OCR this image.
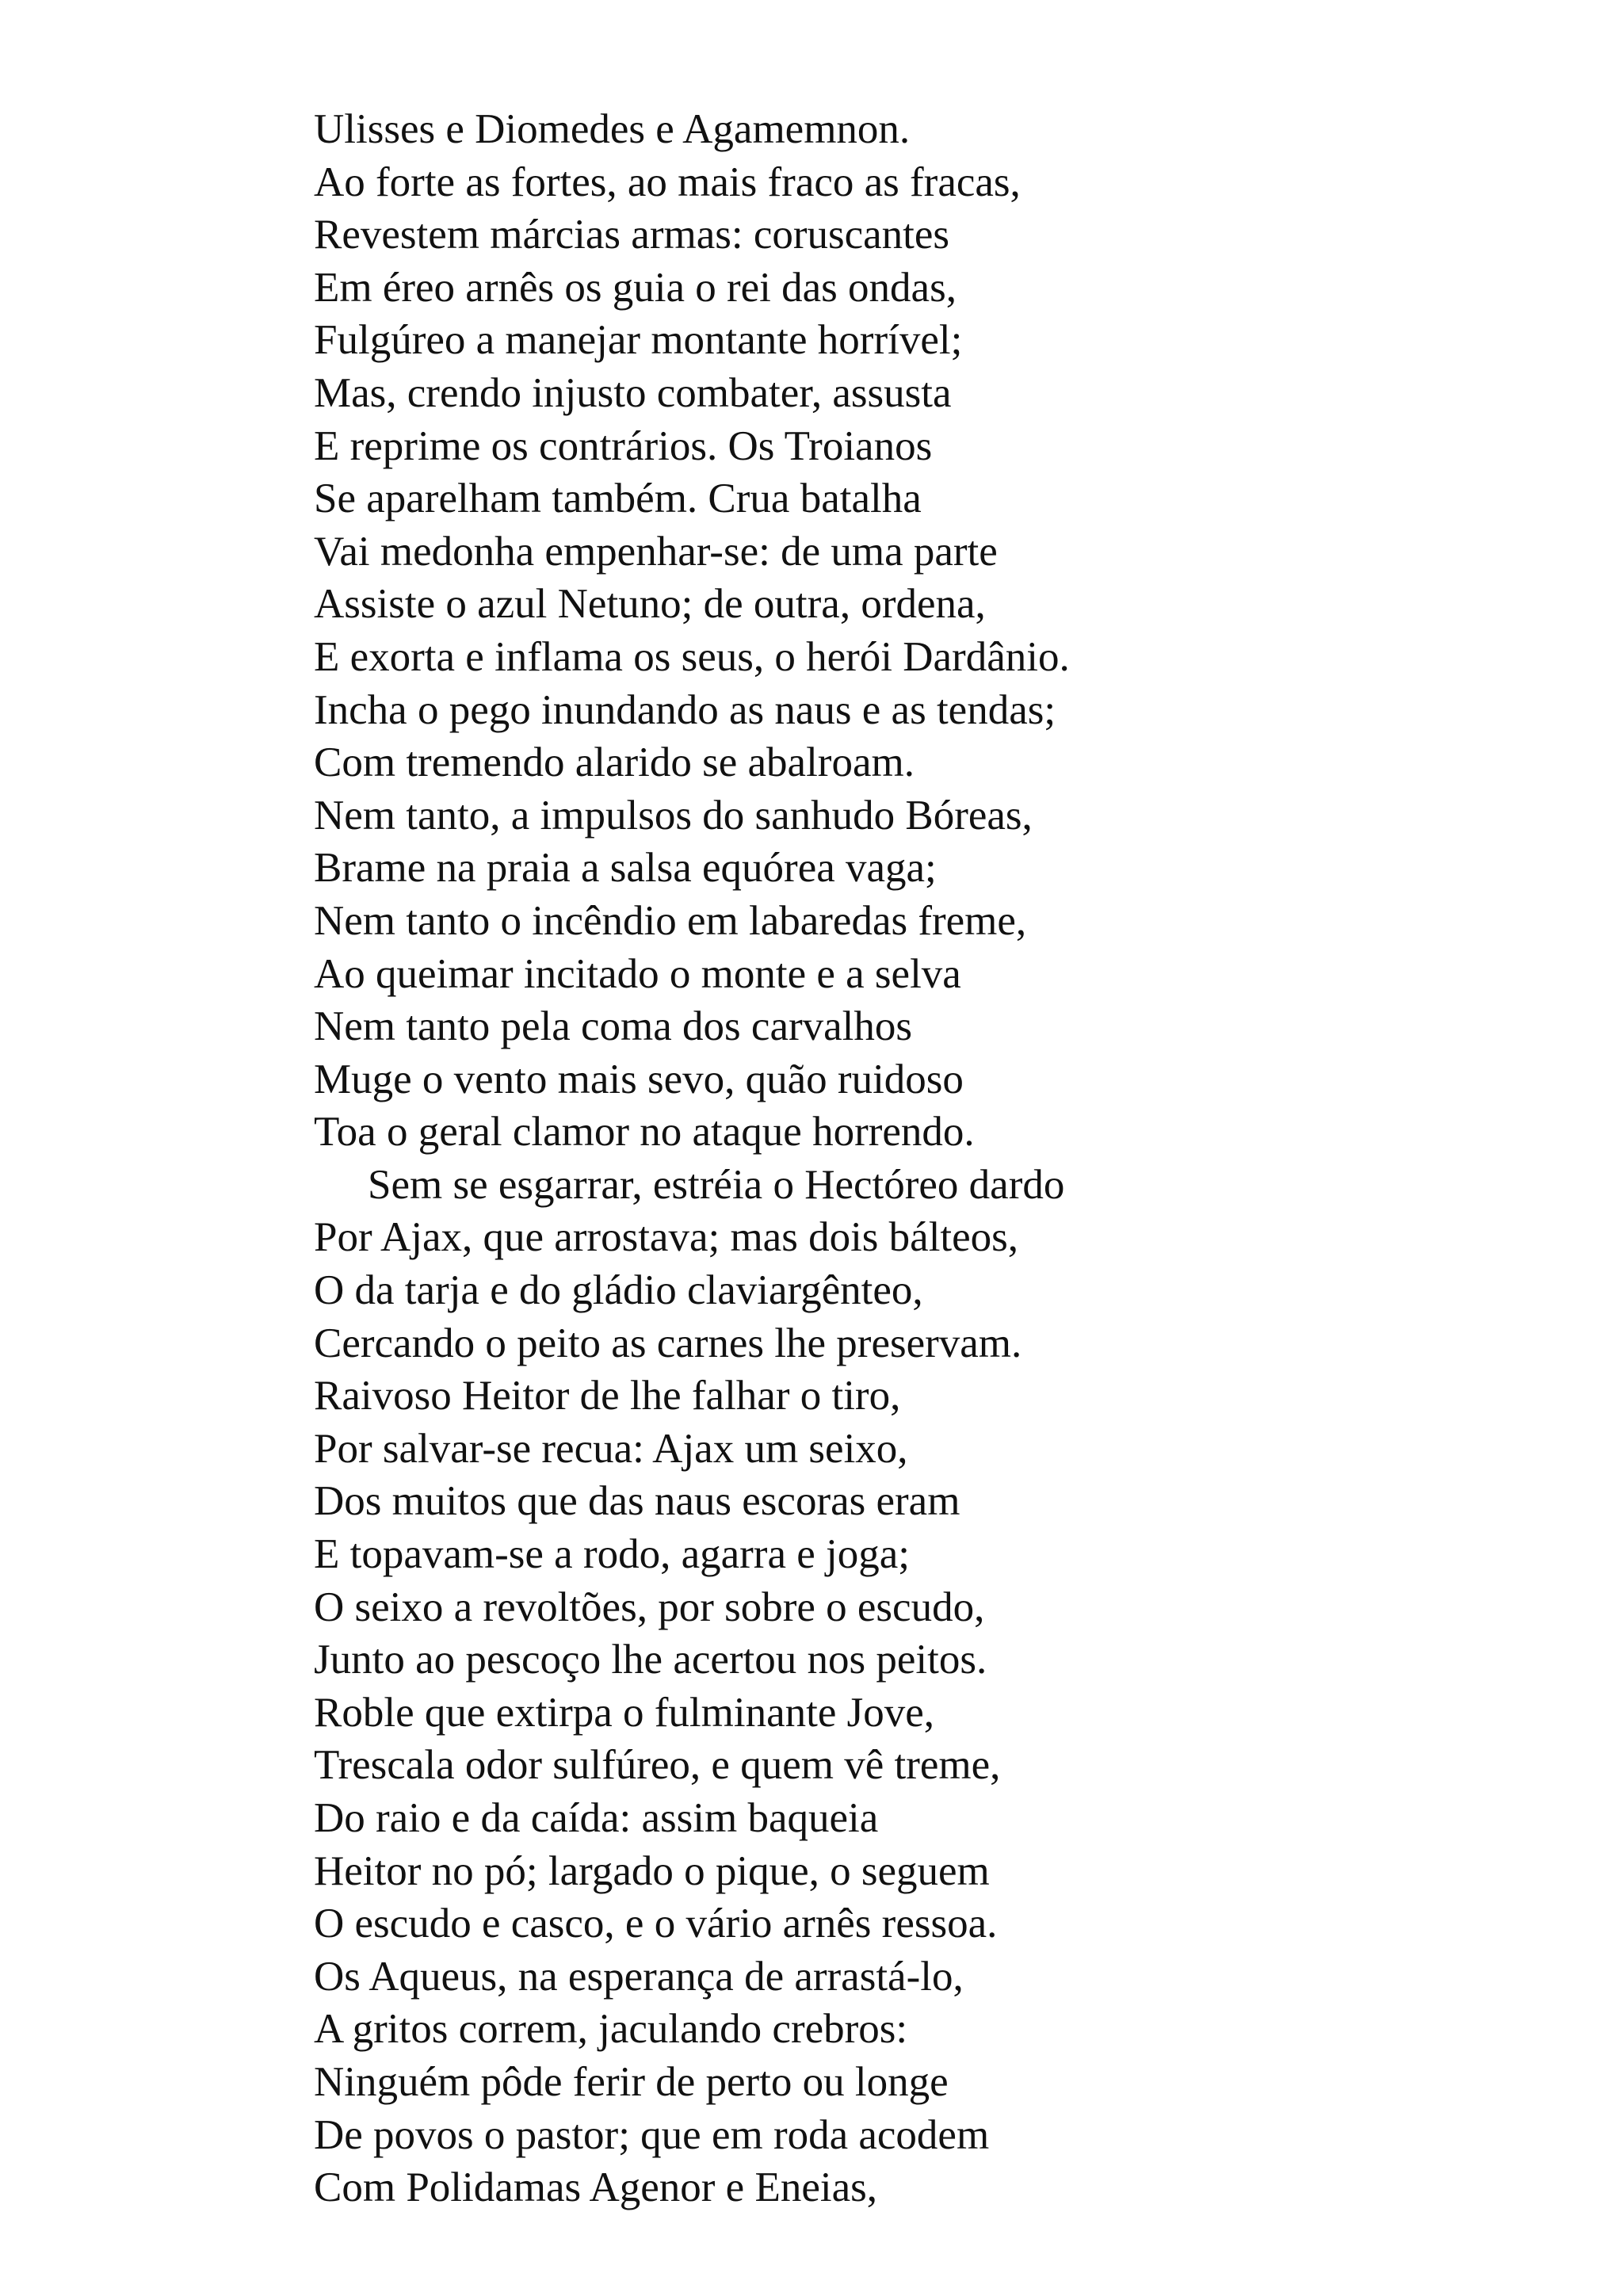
Ulisses e Diomedes e Agamemnon.
Ao forte as fortes, ao mais fraco as fracas,
Revestem márcias armas: coruscantes
Em éreo arnês os guia o rei das ondas,
Fulgúreo a manejar montante horrível;
Mas, crendo injusto combater, assusta
E reprime os contrários. Os Troianos
Se aparelham também. Crua batalha
Vai medonha empenhar-se: de uma parte
Assiste o azul Netuno; de outra, ordena,
E exorta e inflama os seus, o herói Dardânio.
Incha o pego inundando as naus e as tendas;
Com tremendo alarido se abalroam.
Nem tanto, a impulsos do sanhudo Bóreas,
Brame na praia a salsa equórea vaga;
Nem tanto o incêndio em labaredas freme,
Ao queimar incitado o monte e a selva
Nem tanto pela coma dos carvalhos
Muge o vento mais sevo, quão ruidoso
Toa o geral clamor no ataque horrendo.
Sem se esgarrar, estréia o Hectóreo dardo
Por Ajax, que arrostava; mas dois bálteos,
O da tarja e do gládio claviargênteo,
Cercando o peito as carnes lhe preservam.
Raivoso Heitor de lhe falhar o tiro,
Por salvar-se recua: Ajax um seixo,
Dos muitos que das naus escoras eram
E topavam-se a rodo, agarra e joga;
O seixo a revoltões, por sobre o escudo,
Junto ao pescoço lhe acertou nos peitos.
Roble que extirpa o fulminante Jove,
Trescala odor sulfúreo, e quem vê treme,
Do raio e da caída: assim baqueia
Heitor no pó; largado o pique, o seguem
O escudo e casco, e o vário arnês ressoa.
Os Aqueus, na esperança de arrastá-lo,
A gritos correm, jaculando crebros:
Ninguém pôde ferir de perto ou longe
De povos o pastor; que em roda acodem
Com Polidamas Agenor e Eneias,
